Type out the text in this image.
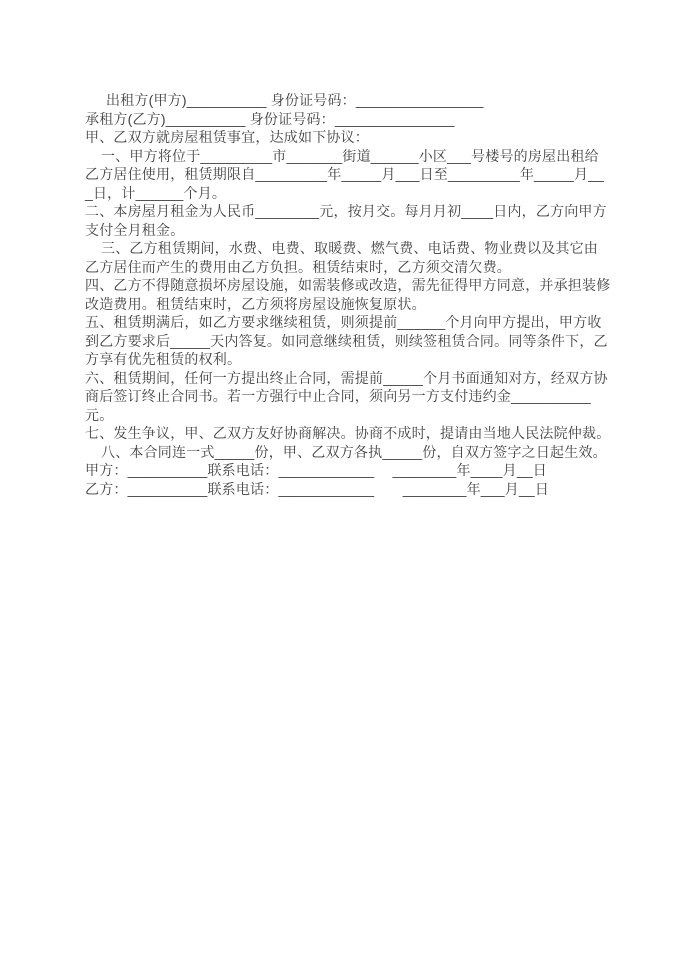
出租方(甲方)__________ 身份证号码：________________

承租方(乙方)__________ 身份证号码：_______________

甲、乙双方就房屋租赁事宜，达成如下协议：

一、甲方将位于_________市_______街道______小区___号楼号的房屋出租给乙方居住使用，租赁期限自_________年_____月___日至_________年_____月___日，计______个月。

二、本房屋月租金为人民币________元，按月交。每月月初____日内，乙方向甲方支付全月租金。

三、乙方租赁期间，水费、电费、取暖费、燃气费、电话费、物业费以及其它由乙方居住而产生的费用由乙方负担。租赁结束时，乙方须交清欠费。

四、乙方不得随意损坏房屋设施，如需装修或改造，需先征得甲方同意，并承担装修改造费用。租赁结束时，乙方须将房屋设施恢复原状。

五、租赁期满后，如乙方要求继续租赁，则须提前______个月向甲方提出，甲方收到乙方要求后_____天内答复。如同意继续租赁，则续签租赁合同。同等条件下，乙方享有优先租赁的权利。

六、租赁期间，任何一方提出终止合同，需提前_____个月书面通知对方，经双方协商后签订终止合同书。若一方强行中止合同，须向另一方支付违约金__________元。

七、发生争议，甲、乙双方友好协商解决。协商不成时，提请由当地人民法院仲裁。

八、本合同连一式_____份，甲、乙双方各执_____份，自双方签字之日起生效。

甲方：__________联系电话：____________　 ________年____月__日

乙方：__________联系电话：____________　　________年___月__日
